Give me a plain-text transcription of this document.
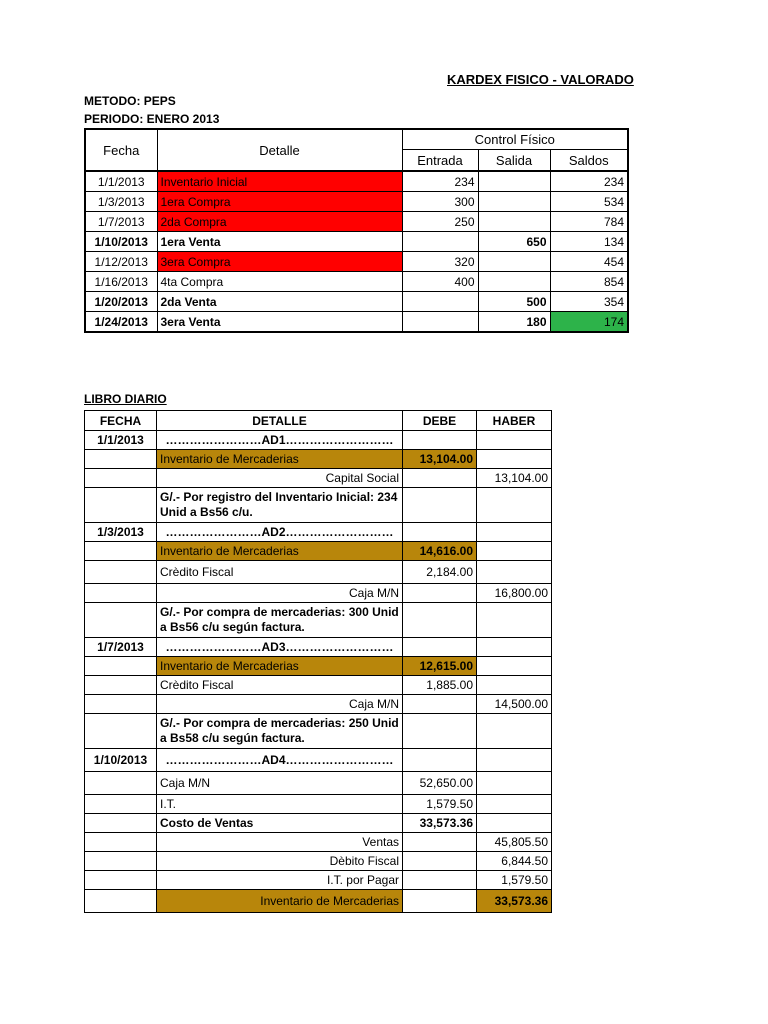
KARDEX FISICO - VALORADO
METODO: PEPS
PERIODO: ENERO 2013
Fecha	Detalle	Control Físico		
		Entrada	Salida	Saldos
1/1/2013	Inventario Inicial	234		234
1/3/2013	1era Compra	300		534
1/7/2013	2da Compra	250		784
1/10/2013	1era Venta		650	134
1/12/2013	3era Compra	320		454
1/16/2013	4ta Compra	400		854
1/20/2013	2da Venta		500	354
1/24/2013	3era Venta		180	174
LIBRO DIARIO
FECHA	DETALLE	DEBE	HABER
1/1/2013	……………………AD1………………………		
	Inventario de Mercaderias	13,104.00	
	Capital Social		13,104.00
	G/.- Por registro del Inventario Inicial: 234 Unid a Bs56 c/u.		
1/3/2013	……………………AD2………………………		
	Inventario de Mercaderias	14,616.00	
	Crèdito Fiscal	2,184.00	
	Caja M/N		16,800.00
	G/.- Por compra de mercaderias: 300 Unid a Bs56 c/u según factura.		
1/7/2013	……………………AD3………………………		
	Inventario de Mercaderias	12,615.00	
	Crèdito Fiscal	1,885.00	
	Caja M/N		14,500.00
	G/.- Por compra de mercaderias: 250 Unid a Bs58 c/u según factura.		
1/10/2013	……………………AD4………………………		
	Caja M/N	52,650.00	
	I.T.	1,579.50	
	Costo de Ventas	33,573.36	
	Ventas		45,805.50
	Dèbito Fiscal		6,844.50
	I.T. por Pagar		1,579.50
	Inventario de Mercaderias		33,573.36
